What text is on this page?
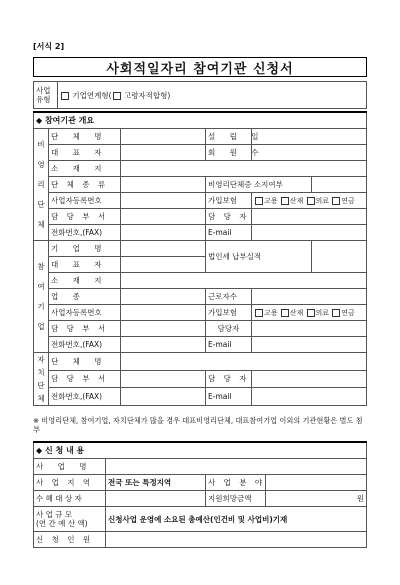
[서식 2]
사회적일자리 참여기관 신청서
사업
유형	기업연계형( 고령자적합형)
◆ 참여기관 개요					
비
영
리
단
체	단 체 명		설 립 일		
	대 표 자		회 원 수		
	소 재 지				
	단 체 종 류		비영리단체증 소지여부		
	사업자등록번호		가입보험	고용 산재 의료 연금	
	담 당 부 서		담 당 자		
	전화번호,(FAX)		E-mail		
참
여
기
업	기 업 명		법인세 납부실적		
	대 표 자				
	소 재 지				
	업 종		근로자수		
	사업자등록번호		가입보험	고용 산재 의료 연금	
	담 당 부 서		담당자		
	전화번호,(FAX)		E-mail		
자
치
단
체	단 체 명				
	담 당 부 서		담 당 자		
	전화번호,(FAX)		E-mail		
※ 비영리단체, 참여기업, 자치단체가 많을 경우 대표비영리단체, 대표참여기업 이외의 기관현황은 별도 첨부
◆ 신 청 내 용			
사 업 명			
사 업 지 역	전국 또는 특정지역	사 업 분 야	
수 혜 대 상 자		지원희망금액	원
사 업 규 모
(연 간 예 산 액)	신청사업 운영에 소요된 총예산(인건비 및 사업비)기재		
신 청 인 원			
